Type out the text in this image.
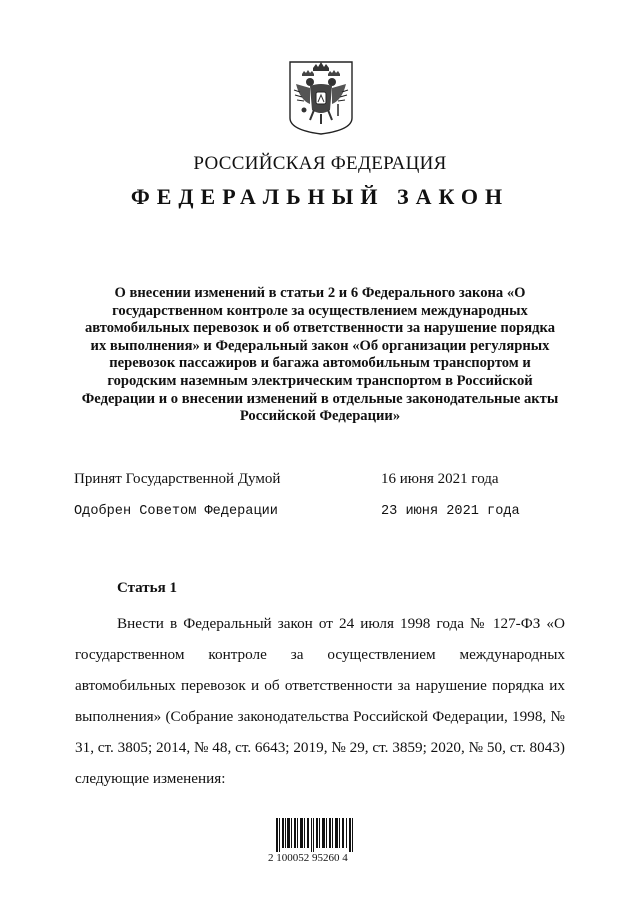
РОССИЙСКАЯ ФЕДЕРАЦИЯ
ФЕДЕРАЛЬНЫЙ ЗАКОН
О внесении изменений в статьи 2 и 6 Федерального закона «О государственном контроле за осуществлением международных автомобильных перевозок и об ответственности за нарушение порядка их выполнения» и Федеральный закон «Об организации регулярных перевозок пассажиров и багажа автомобильным транспортом и городским наземным электрическим транспортом в Российской Федерации и о внесении изменений в отдельные законодательные акты Российской Федерации»
Принят Государственной Думой	16 июня 2021 года
Одобрен Советом Федерации	23 июня 2021 года
Статья 1
Внести в Федеральный закон от 24 июля 1998 года № 127-ФЗ «О государственном контроле за осуществлением международных автомобильных перевозок и об ответственности за нарушение порядка их выполнения» (Собрание законодательства Российской Федерации, 1998, № 31, ст. 3805; 2014, № 48, ст. 6643; 2019, № 29, ст. 3859; 2020, № 50, ст. 8043) следующие изменения:
2 100052 95260 4
